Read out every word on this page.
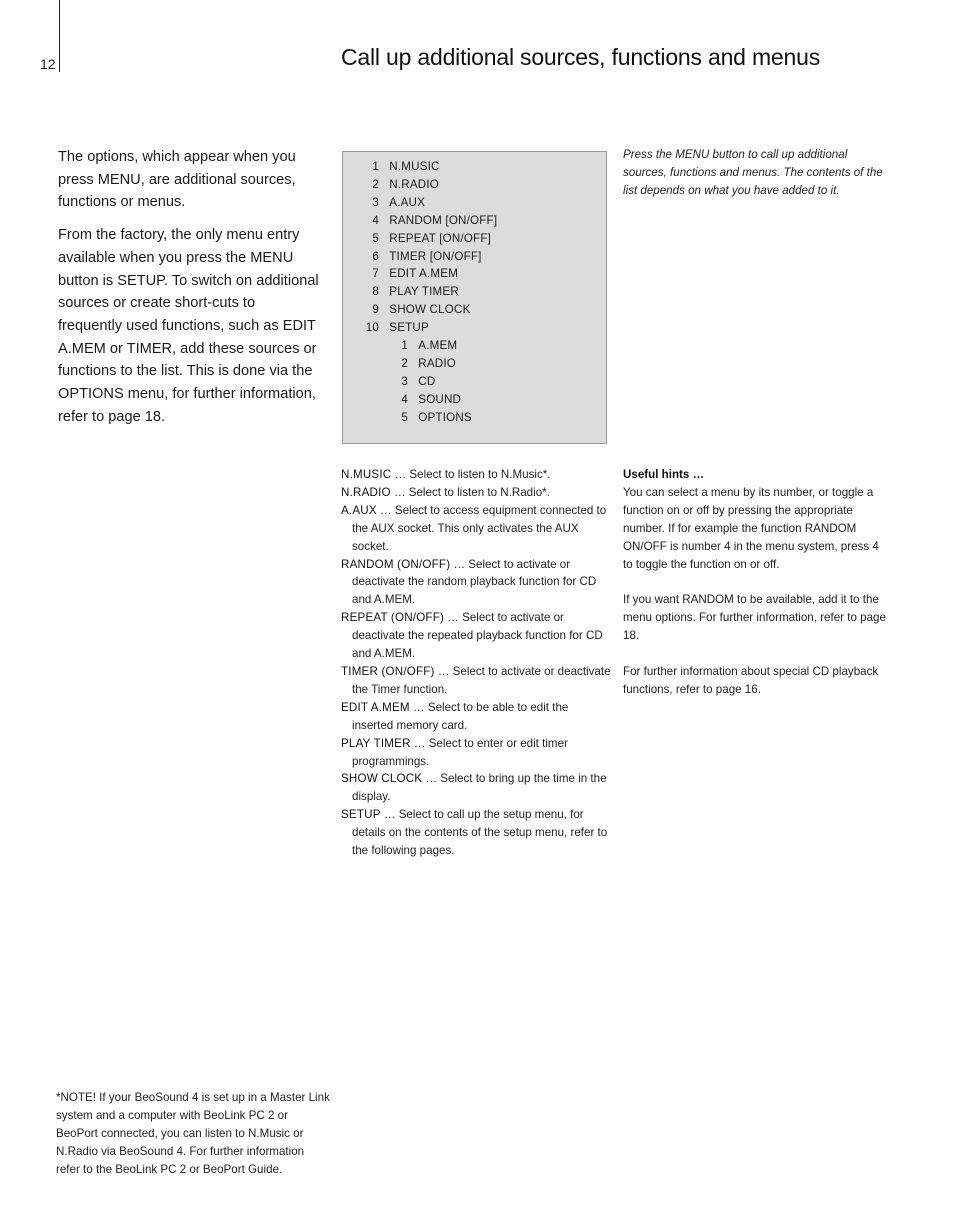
12	Call up additional sources, functions and menus

The options, which appear when you press MENU, are additional sources, functions or menus.

From the factory, the only menu entry available when you press the MENU button is SETUP. To switch on additional sources or create short-cuts to frequently used functions, such as EDIT A.MEM or TIMER, add these sources or functions to the list. This is done via the OPTIONS menu, for further information, refer to page 18.

1 N.MUSIC
2 N.RADIO
3 A.AUX
4 RANDOM [ON/OFF]
5 REPEAT [ON/OFF]
6 TIMER [ON/OFF]
7 EDIT A.MEM
8 PLAY TIMER
9 SHOW CLOCK
10 SETUP
1 A.MEM
2 RADIO
3 CD
4 SOUND
5 OPTIONS

Press the MENU button to call up additional sources, functions and menus. The contents of the list depends on what you have added to it.

N.MUSIC … Select to listen to N.Music*.

N.RADIO … Select to listen to N.Radio*.

A.AUX … Select to access equipment connected to the AUX socket. This only activates the AUX socket.

RANDOM (ON/OFF) … Select to activate or deactivate the random playback function for CD and A.MEM.

REPEAT (ON/OFF) … Select to activate or deactivate the repeated playback function for CD and A.MEM.

TIMER (ON/OFF) … Select to activate or deactivate the Timer function.

EDIT A.MEM … Select to be able to edit the inserted memory card.

PLAY TIMER … Select to enter or edit timer programmings.

SHOW CLOCK … Select to bring up the time in the display.

SETUP … Select to call up the setup menu, for details on the contents of the setup menu, refer to the following pages.

Useful hints …

You can select a menu by its number, or toggle a function on or off by pressing the appropriate number. If for example the function RANDOM ON/OFF is number 4 in the menu system, press 4 to toggle the function on or off.

If you want RANDOM to be available, add it to the menu options. For further information, refer to page 18.

For further information about special CD playback functions, refer to page 16.

*NOTE! If your BeoSound 4 is set up in a Master Link system and a computer with BeoLink PC 2 or BeoPort connected, you can listen to N.Music or N.Radio via BeoSound 4. For further information refer to the BeoLink PC 2 or BeoPort Guide.
